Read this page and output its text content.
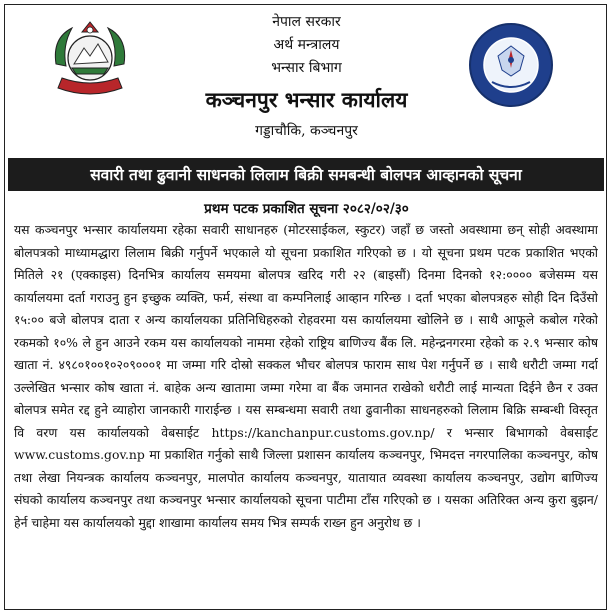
नेपाल सरकार
अर्थ मन्त्रालय
भन्सार बिभाग
कञ्चनपुर भन्सार कार्यालय
गड्डाचौकि, कञ्चनपुर
सवारी तथा ढुवानी साधनको लिलाम बिक्री समबन्धी बोलपत्र आव्हानको सूचना
प्रथम पटक प्रकाशित सूचना २०८२/०२/३०
यस कञ्चनपुर भन्सार कार्यालयमा रहेका सवारी साधानहरु (मोटरसाईकल, स्कुटर) जहाँ छ जस्तो अवस्थामा छन् सोही अवस्थामा बोलपत्रको माध्यामद्धारा लिलाम बिक्री गर्नुपर्ने भएकाले यो सूचना प्रकाशित गरिएको छ । यो सूचना प्रथम पटक प्रकाशित भएको मितिले २१ (एक्काइस) दिनभित्र कार्यालय समयमा बोलपत्र खरिद गरी २२ (बाइसौं) दिनमा दिनको १२:०००० बजेसम्म यस कार्यालयमा दर्ता गराउनु हुन इच्छुक व्यक्ति, फर्म, संस्था वा कम्पनिलाई आव्हान गरिन्छ । दर्ता भएका बोलपत्रहरु सोही दिन दिउँसो १५:०० बजे बोलपत्र दाता र अन्य कार्यालयका प्रतिनिधिहरुको रोहवरमा यस कार्यालयमा खोलिने छ । साथै आफूले कबोल गरेको रकमको १०% ले हुन आउने रकम यस कार्यालयको नाममा रहेको राष्ट्रिय बाणिज्य बैंक लि. महेन्द्रनगरमा रहेको क २.९ भन्सार कोष खाता नं. ४९८०१००१०२०९०००१ मा जम्मा गरि दोस्रो सक्कल भौचर बोलपत्र फाराम साथ पेश गर्नुपर्ने छ । साथै धरौटी जम्मा गर्दा उल्लेखित भन्सार कोष खाता नं. बाहेक अन्य खातामा जम्मा गरेमा वा बैंक जमानत राखेको धरौटी लाई मान्यता दिईने छैन र उक्त बोलपत्र समेत रद्द हुने व्याहोरा जानकारी गाराईन्छ । यस सम्बन्धमा सवारी तथा ढुवानीका साधनहरुको लिलाम बिक्रि सम्बन्धी विस्तृत वि वरण यस कार्यालयको वेबसाईट https://kanchanpur.customs.gov.np/ र भन्सार बिभागको वेबसाईट www.customs.gov.np मा प्रकाशित गर्नुको साथै जिल्ला प्रशासन कार्यालय कञ्चनपुर, भिमदत्त नगरपालिका कञ्चनपुर, कोष तथा लेखा नियन्त्रक कार्यालय कञ्चनपुर, मालपोत कार्यालय कञ्चनपुर, यातायात व्यवस्था कार्यालय कञ्चनपुर, उद्योग बाणिज्य संघको कार्यालय कञ्चनपुर तथा कञ्चनपुर भन्सार कार्यालयको सूचना पाटीमा टाँस गरिएको छ । यसका अतिरिक्त अन्य कुरा बुझन/हेर्न चाहेमा यस कार्यालयको मुद्दा शाखामा कार्यालय समय भित्र सम्पर्क राख्न हुन अनुरोध छ ।
